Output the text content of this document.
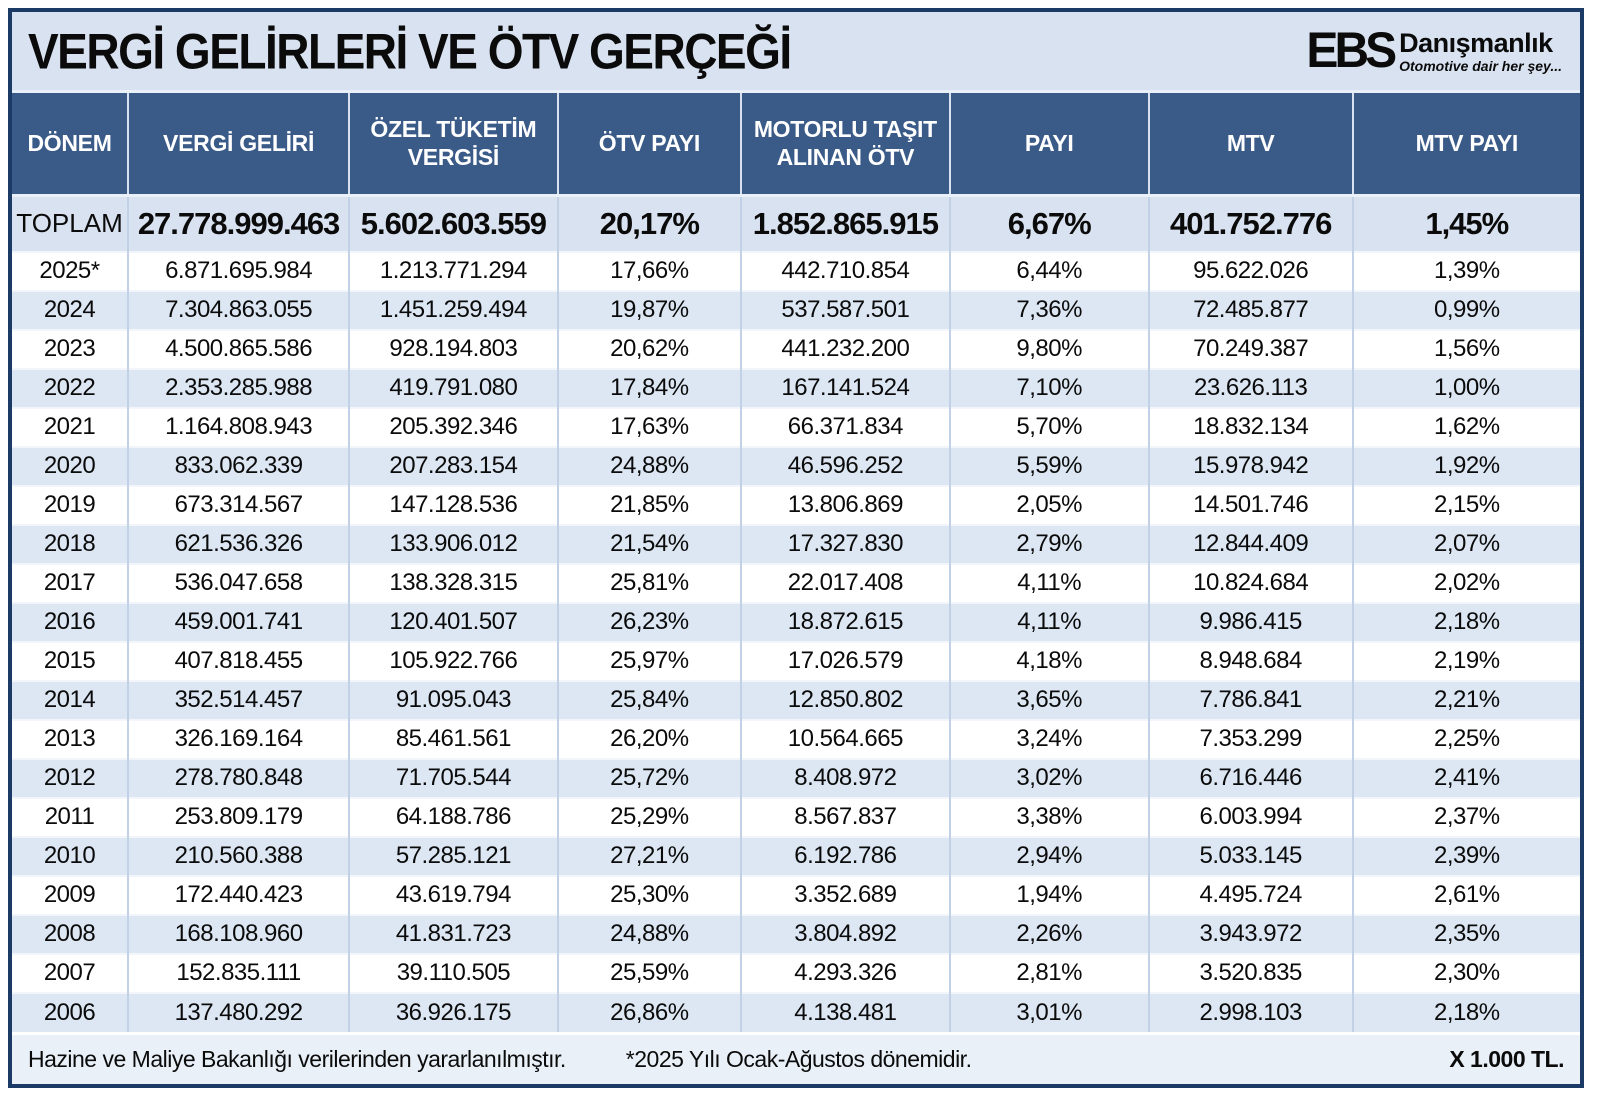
VERGİ GELİRLERİ VE ÖTV GERÇEĞİ	EBS Danışmanlık
Otomotive dair her şey...
DÖNEM	VERGİ GELİRİ	ÖZEL TÜKETİM VERGİSİ	ÖTV PAYI	MOTORLU TAŞIT ALINAN ÖTV	PAYI	MTV	MTV PAYI
TOPLAM	27.778.999.463	5.602.603.559	20,17%	1.852.865.915	6,67%	401.752.776	1,45%
2025*	6.871.695.984	1.213.771.294	17,66%	442.710.854	6,44%	95.622.026	1,39%
2024	7.304.863.055	1.451.259.494	19,87%	537.587.501	7,36%	72.485.877	0,99%
2023	4.500.865.586	928.194.803	20,62%	441.232.200	9,80%	70.249.387	1,56%
2022	2.353.285.988	419.791.080	17,84%	167.141.524	7,10%	23.626.113	1,00%
2021	1.164.808.943	205.392.346	17,63%	66.371.834	5,70%	18.832.134	1,62%
2020	833.062.339	207.283.154	24,88%	46.596.252	5,59%	15.978.942	1,92%
2019	673.314.567	147.128.536	21,85%	13.806.869	2,05%	14.501.746	2,15%
2018	621.536.326	133.906.012	21,54%	17.327.830	2,79%	12.844.409	2,07%
2017	536.047.658	138.328.315	25,81%	22.017.408	4,11%	10.824.684	2,02%
2016	459.001.741	120.401.507	26,23%	18.872.615	4,11%	9.986.415	2,18%
2015	407.818.455	105.922.766	25,97%	17.026.579	4,18%	8.948.684	2,19%
2014	352.514.457	91.095.043	25,84%	12.850.802	3,65%	7.786.841	2,21%
2013	326.169.164	85.461.561	26,20%	10.564.665	3,24%	7.353.299	2,25%
2012	278.780.848	71.705.544	25,72%	8.408.972	3,02%	6.716.446	2,41%
2011	253.809.179	64.188.786	25,29%	8.567.837	3,38%	6.003.994	2,37%
2010	210.560.388	57.285.121	27,21%	6.192.786	2,94%	5.033.145	2,39%
2009	172.440.423	43.619.794	25,30%	3.352.689	1,94%	4.495.724	2,61%
2008	168.108.960	41.831.723	24,88%	3.804.892	2,26%	3.943.972	2,35%
2007	152.835.111	39.110.505	25,59%	4.293.326	2,81%	3.520.835	2,30%
2006	137.480.292	36.926.175	26,86%	4.138.481	3,01%	2.998.103	2,18%
Hazine ve Maliye Bakanlığı verilerinden yararlanılmıştır.	*2025 Yılı Ocak-Ağustos dönemidir.	X 1.000 TL.
